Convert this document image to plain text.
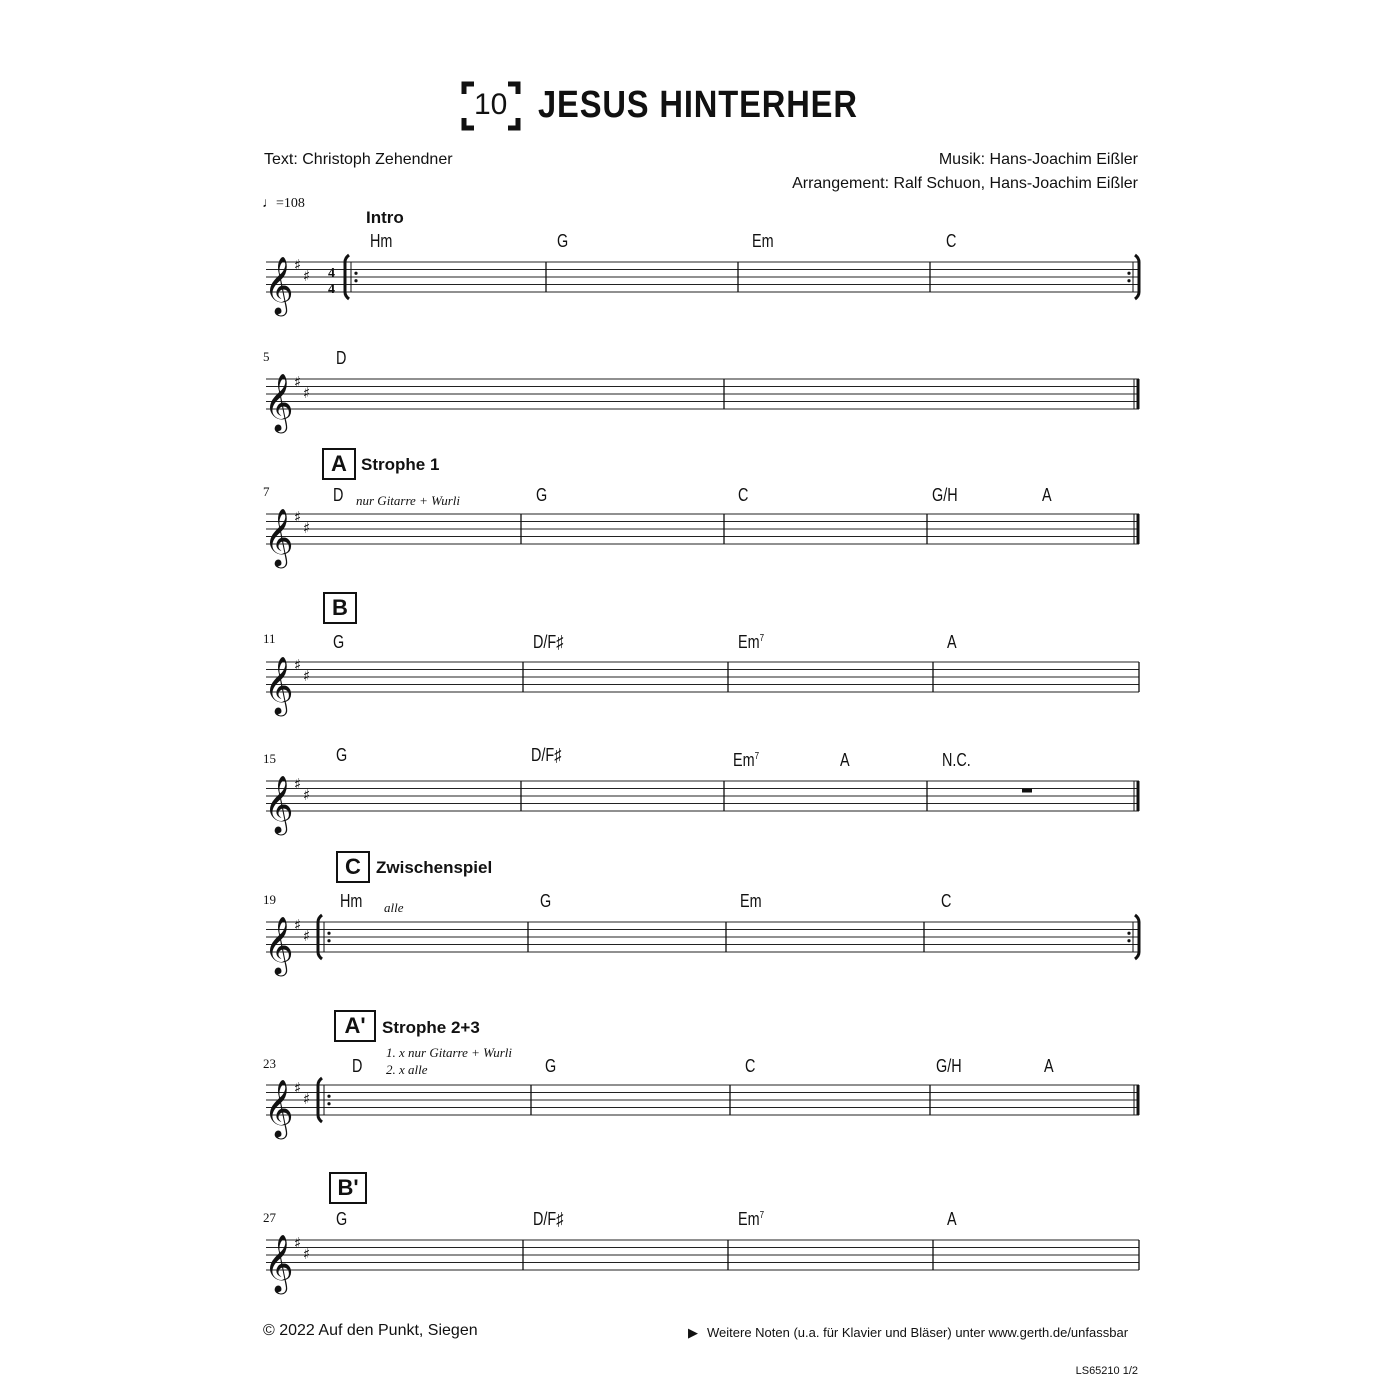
10 JESUS HINTERHER
Text: Christoph Zehendner	Musik: Hans-Joachim Eißler
Arrangement: Ralf Schuon, Hans-Joachim Eißler
♩=108
Intro
A Strophe 1
B
C Zwischenspiel
A' Strophe 2+3
B'
5
7
11
15
19
23
27
Hm	G	Em	C
D
D nur Gitarre + Wurli	G	C	G/H	A
G	D/F♯	Em$^7$	A
G	D/F♯	Em$^7$	A	N.C.
Hm alle	G	Em	C
1. x nur Gitarre + Wurli
2. x alle
D	G	C	G/H	A
G	D/F♯	Em$^7$	A
𝄞 ♯
♯ 4
4
𝄞 ♯
♯
𝄞 ♯
♯
𝄞 ♯
♯
𝄞 ♯
♯
𝄞 ♯
♯
𝄞 ♯
♯
𝄞 ♯
♯
© 2022 Auf den Punkt, Siegen	▶ Weitere Noten (u.a. für Klavier und Bläser) unter www.gerth.de/unfassbar
LS65210 1/2
